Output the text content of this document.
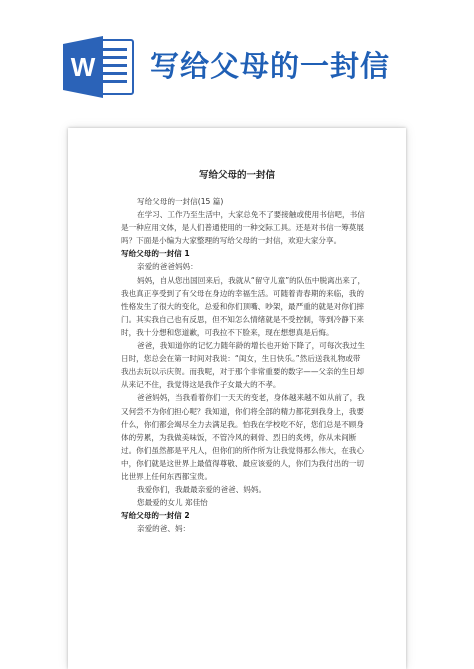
W 写给父母的一封信
写给父母的一封信

写给父母的一封信(15 篇)

在学习、工作乃至生活中，大家总免不了要接触或使用书信吧，书信是一种应用文体，是人们普通使用的一种交际工具。还是对书信一筹莫展吗？下面是小编为大家整理的写给父母的一封信，欢迎大家分享。

写给父母的一封信 1

亲爱的爸爸妈妈：

妈妈，自从您出国回来后，我就从“留守儿童”的队伍中脱离出来了，我也真正享受到了有父母在身边的幸福生活。可随着青春期的来临，我的性格发生了很大的变化，总爱和你们顶嘴、吵架，最严重的就是对你们摔门。其实我自己也有反思，但不知怎么情绪就是不受控制，等到冷静下来时，我十分想和您道歉，可我拉不下脸来，现在想想真是后悔。

爸爸，我知道你的记忆力随年龄的增长也开始下降了，可每次我过生日时，您总会在第一时间对我说：“闺女，生日快乐。”然后送我礼物或带我出去玩以示庆贺。而我呢，对于那个非常重要的数字——父亲的生日却从来记不住，我觉得这是我作子女最大的不孝。

爸爸妈妈，当我看着你们一天天的变老，身体越来越不如从前了，我又何尝不为你们担心呢？我知道，你们将全部的精力都花到我身上，我要什么，你们都会竭尽全力去满足我。怕我在学校吃不好，您们总是不顾身体的劳累，为我做美味饭，不管冷风的刺骨、烈日的炙烤，你从未间断过。你们虽然都是平凡人，但你们的所作所为让我觉得那么伟大，在我心中，你们就是这世界上最值得尊敬、最应该爱的人，你们为我付出的一切比世界上任何东西都宝贵。

我爱你们，我最最亲爱的爸爸、妈妈。

您最爱的女儿 郑佳怡

写给父母的一封信 2

亲爱的爸、妈：
